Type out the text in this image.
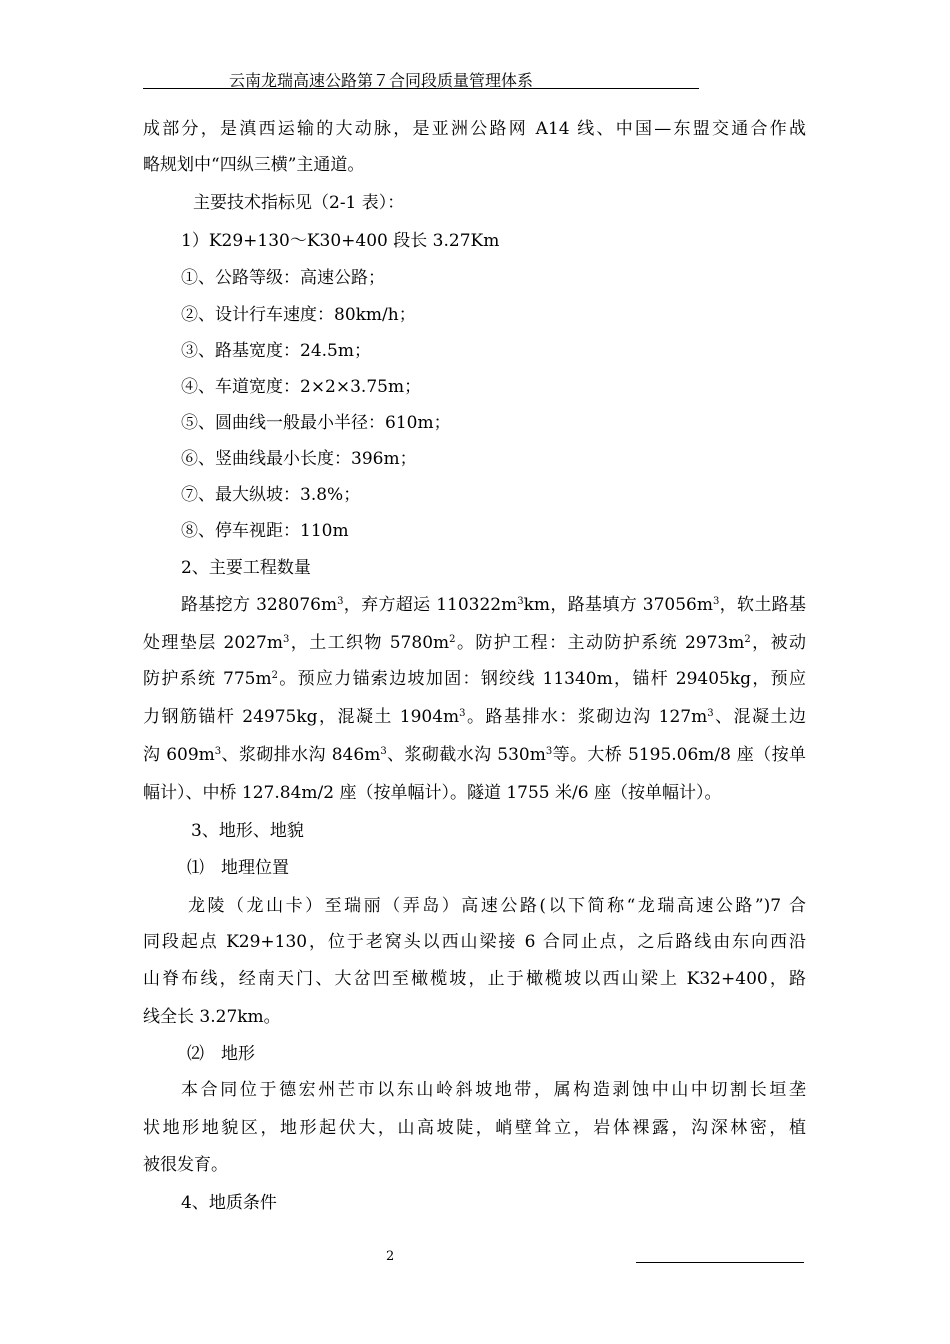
云南龙瑞高速公路第７合同段质量管理体系
成部分，是滇西运输的大动脉，是亚洲公路网 A14 线、中国—东盟交通合作战
略规划中“四纵三横”主通道。
主要技术指标见（2-1 表）：
1）K29+130～K30+400 段长 3.27Km
①、公路等级：高速公路；
②、设计行车速度：80km/h；
③、路基宽度：24.5m；
④、车道宽度：2×2×3.75m；
⑤、圆曲线一般最小半径：610m；
⑥、竖曲线最小长度：396m；
⑦、最大纵坡：3.8%；
⑧、停车视距：110m
2、主要工程数量
路基挖方 $328076m^3$，弃方超运 $110322m^3km$，路基填方 $37056m^3$，软土路基
处理垫层 $2027m^3$，土工织物 $5780m^2$。防护工程：主动防护系统 $2973m^2$，被动
防护系统 $775m^2$。预应力锚索边坡加固：钢绞线 11340m，锚杆 29405kg，预应
力钢筋锚杆 24975kg，混凝土 $1904m^3$。路基排水：浆砌边沟 $127m^3$、混凝土边
沟 $609m^3$、浆砌排水沟 $846m^3$、浆砌截水沟 $530m^3$等。大桥 5195.06m/8 座（按单
幅计）、中桥 127.84m/2 座（按单幅计）。隧道 1755 米/6 座（按单幅计）。
3、地形、地貌
⑴　地理位置
龙陵（龙山卡）至瑞丽（弄岛）高速公路(以下简称“龙瑞高速公路”)7 合
同段起点 K29+130，位于老窝头以西山梁接 6 合同止点，之后路线由东向西沿
山脊布线，经南天门、大岔凹至橄榄坡，止于橄榄坡以西山梁上 K32+400，路
线全长 3.27km。
⑵　地形
本合同位于德宏州芒市以东山岭斜坡地带，属构造剥蚀中山中切割长垣垄
状地形地貌区，地形起伏大，山高坡陡，峭壁耸立，岩体裸露，沟深林密，植
被很发育。
4、地质条件
2
